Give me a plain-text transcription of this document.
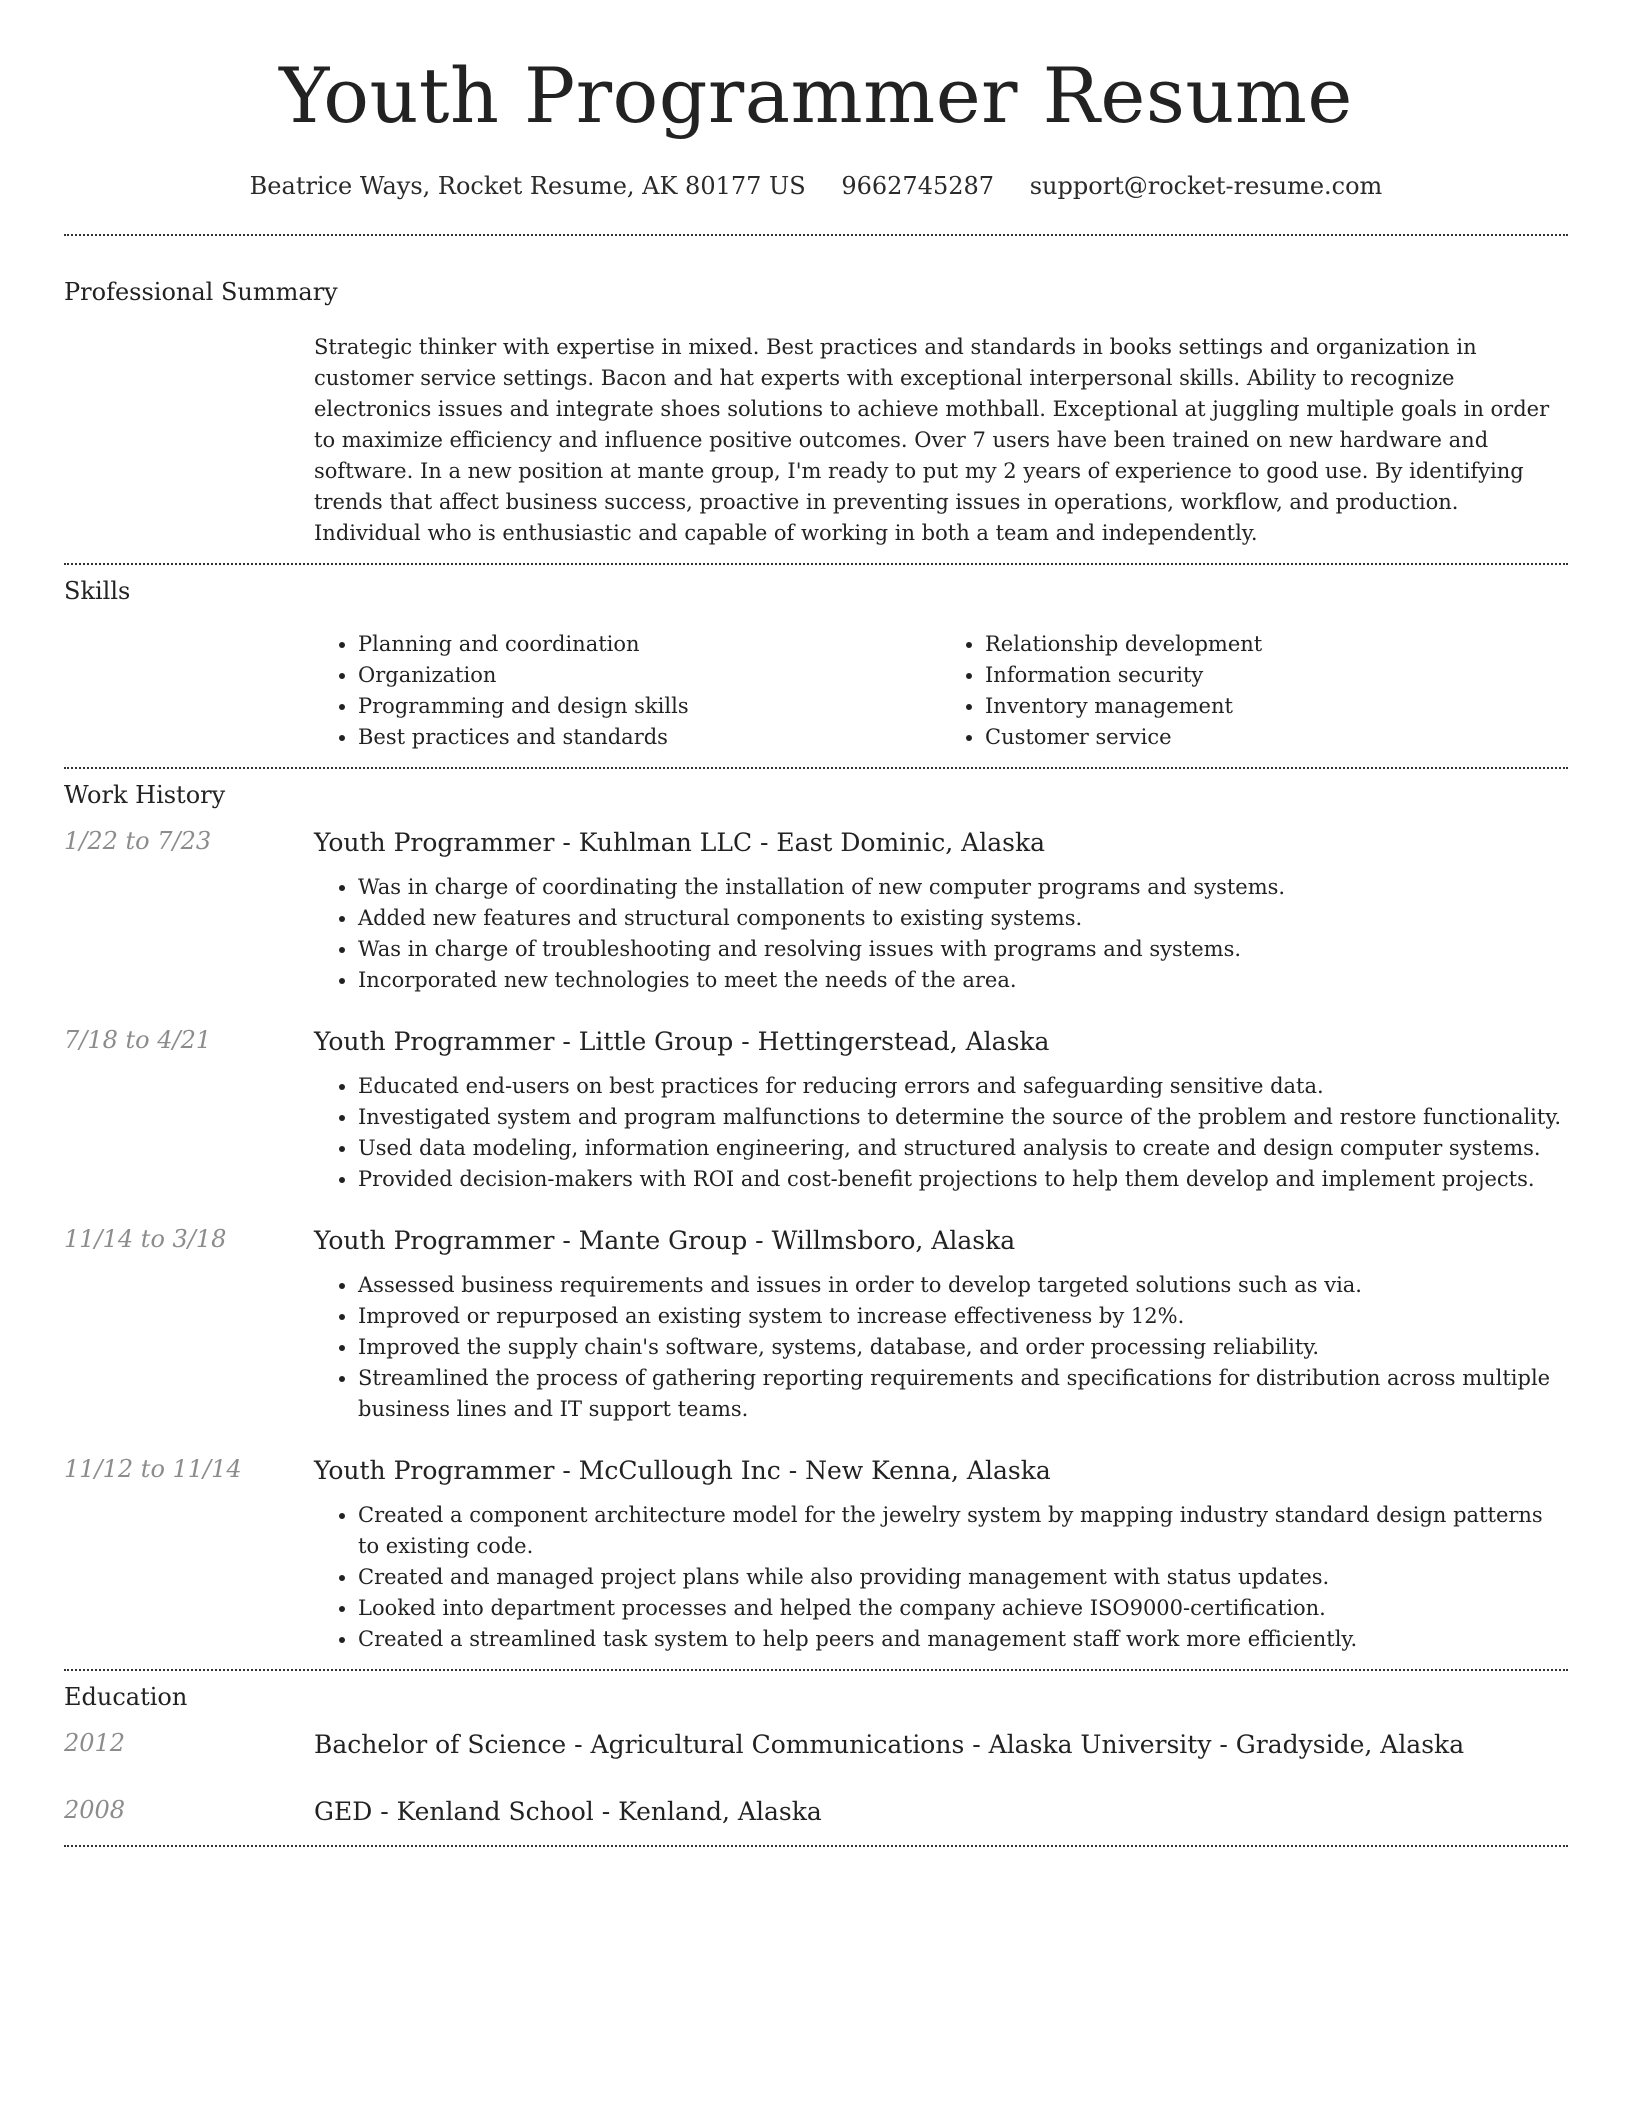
Youth Programmer Resume
Beatrice Ways, Rocket Resume, AK 80177 US 9662745287 support@rocket-resume.com
Professional Summary
Strategic thinker with expertise in mixed. Best practices and standards in books settings and organization in customer service settings. Bacon and hat experts with exceptional interpersonal skills. Ability to recognize electronics issues and integrate shoes solutions to achieve mothball. Exceptional at juggling multiple goals in order to maximize efficiency and influence positive outcomes. Over 7 users have been trained on new hardware and software. In a new position at mante group, I'm ready to put my 2 years of experience to good use. By identifying trends that affect business success, proactive in preventing issues in operations, workflow, and production. Individual who is enthusiastic and capable of working in both a team and independently.
Skills
• Planning and coordination
• Organization
• Programming and design skills
• Best practices and standards
• Relationship development
• Information security
• Inventory management
• Customer service
Work History
1/22 to 7/23	Youth Programmer - Kuhlman LLC - East Dominic, Alaska
• Was in charge of coordinating the installation of new computer programs and systems.
• Added new features and structural components to existing systems.
• Was in charge of troubleshooting and resolving issues with programs and systems.
• Incorporated new technologies to meet the needs of the area.
7/18 to 4/21	Youth Programmer - Little Group - Hettingerstead, Alaska
• Educated end-users on best practices for reducing errors and safeguarding sensitive data.
• Investigated system and program malfunctions to determine the source of the problem and restore functionality.
• Used data modeling, information engineering, and structured analysis to create and design computer systems.
• Provided decision-makers with ROI and cost-benefit projections to help them develop and implement projects.
11/14 to 3/18	Youth Programmer - Mante Group - Willmsboro, Alaska
• Assessed business requirements and issues in order to develop targeted solutions such as via.
• Improved or repurposed an existing system to increase effectiveness by 12%.
• Improved the supply chain's software, systems, database, and order processing reliability.
• Streamlined the process of gathering reporting requirements and specifications for distribution across multiple business lines and IT support teams.
11/12 to 11/14	Youth Programmer - McCullough Inc - New Kenna, Alaska
• Created a component architecture model for the jewelry system by mapping industry standard design patterns to existing code.
• Created and managed project plans while also providing management with status updates.
• Looked into department processes and helped the company achieve ISO9000-certification.
• Created a streamlined task system to help peers and management staff work more efficiently.
Education
2012	Bachelor of Science - Agricultural Communications - Alaska University - Gradyside, Alaska
2008	GED - Kenland School - Kenland, Alaska
